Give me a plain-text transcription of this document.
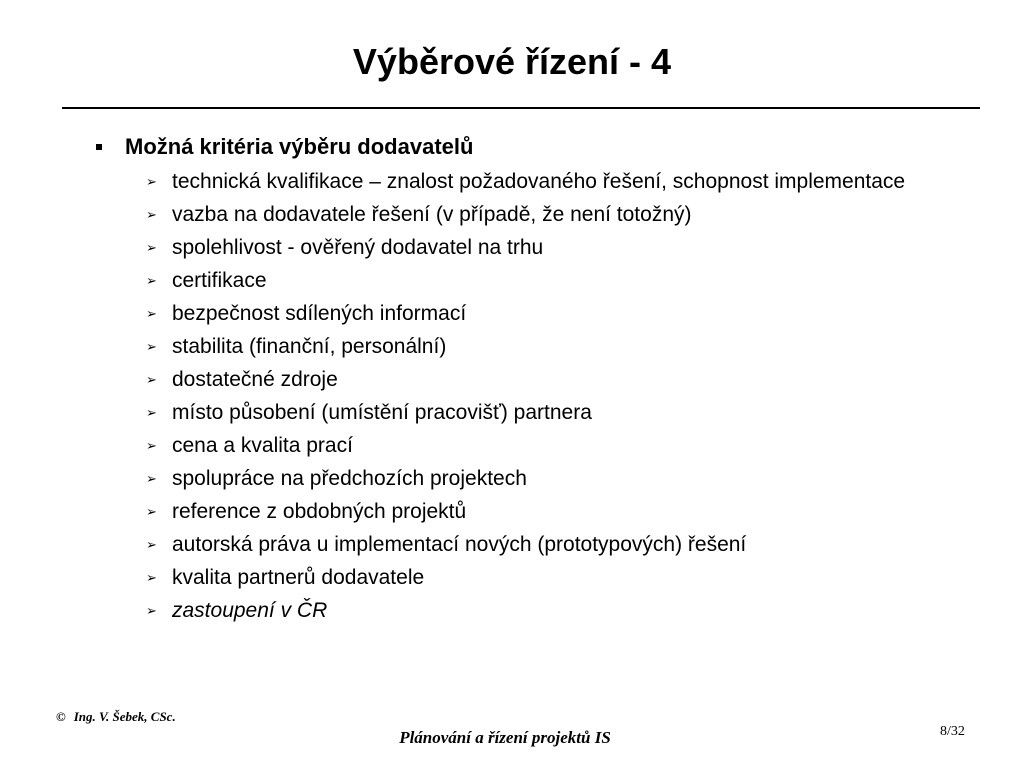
Výběrové řízení - 4
Možná kritéria výběru dodavatelů
➢ technická kvalifikace – znalost požadovaného řešení, schopnost implementace
➢ vazba na dodavatele řešení (v případě, že není totožný)
➢ spolehlivost - ověřený dodavatel na trhu
➢ certifikace
➢ bezpečnost sdílených informací
➢ stabilita (finanční, personální)
➢ dostatečné zdroje
➢ místo působení (umístění pracovišť) partnera
➢ cena a kvalita prací
➢ spolupráce na předchozích projektech
➢ reference z obdobných projektů
➢ autorská práva u implementací nových (prototypových) řešení
➢ kvalita partnerů dodavatele
➢ zastoupení v ČR
© Ing. V. Šebek, CSc.
Plánování a řízení projektů IS	8/32
